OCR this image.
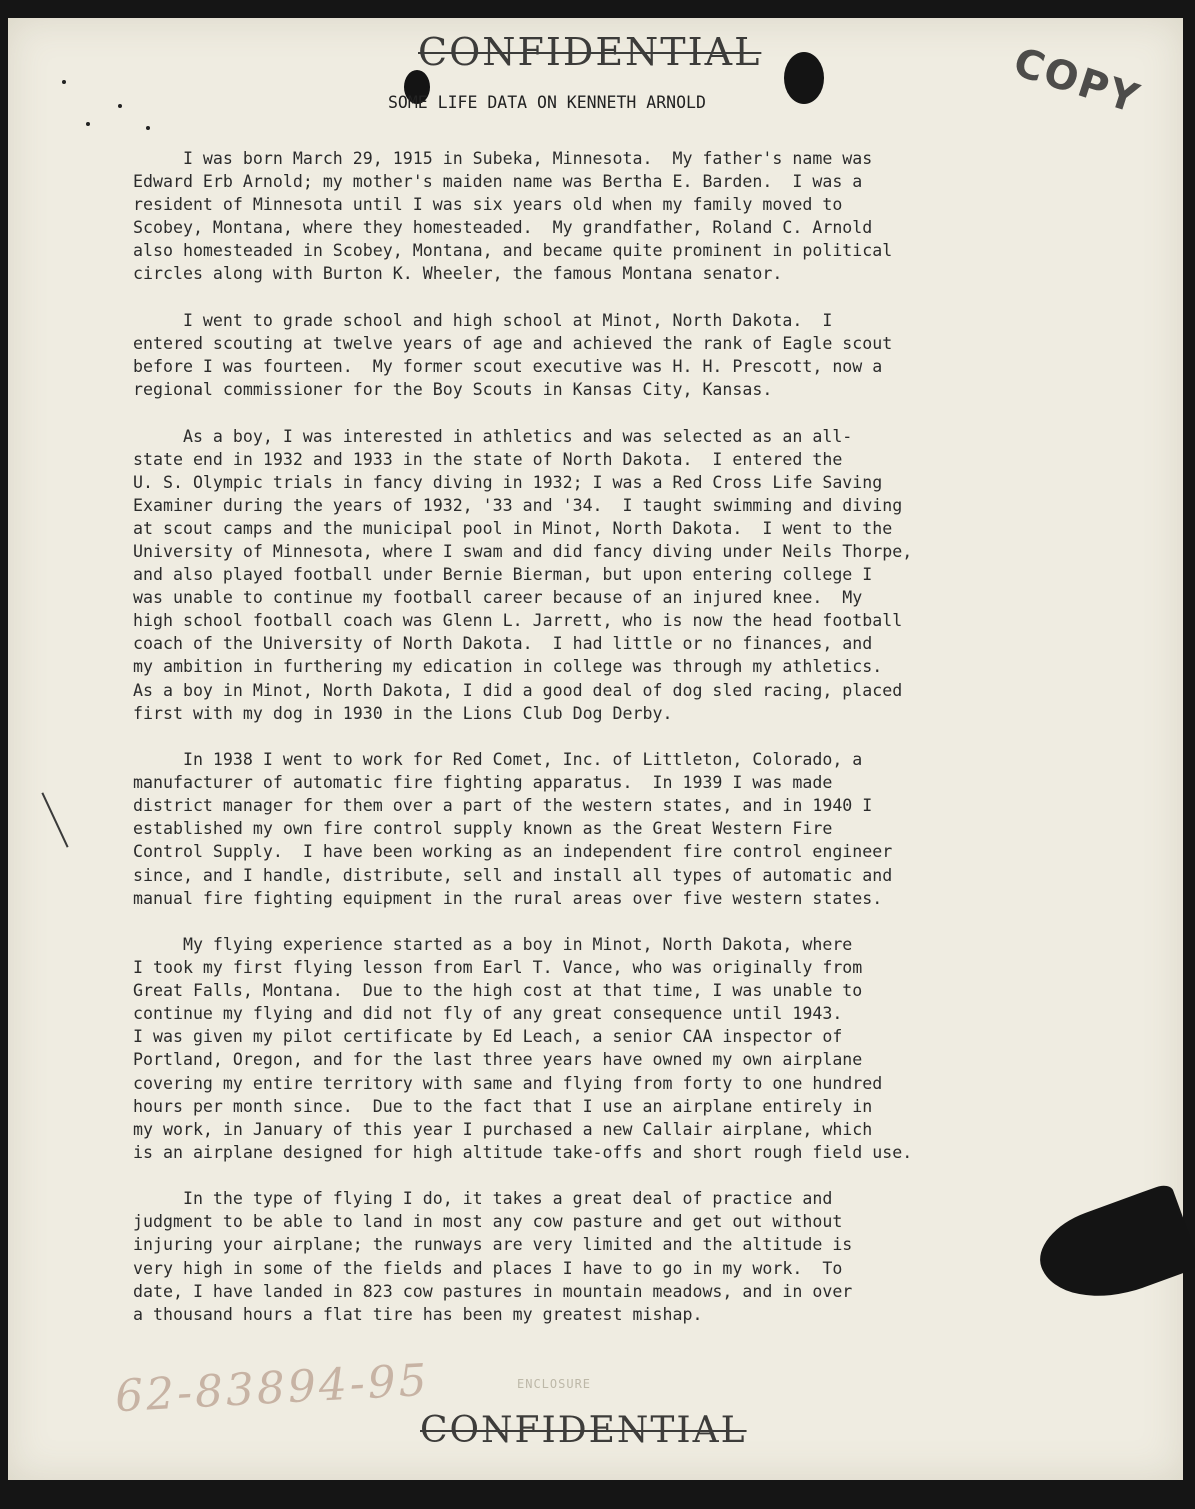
CONFIDENTIAL	COPY
SOME LIFE DATA ON KENNETH ARNOLD
I was born March 29, 1915 in Subeka, Minnesota.  My father's name was
Edward Erb Arnold; my mother's maiden name was Bertha E. Barden.  I was a
resident of Minnesota until I was six years old when my family moved to
Scobey, Montana, where they homesteaded.  My grandfather, Roland C. Arnold
also homesteaded in Scobey, Montana, and became quite prominent in political
circles along with Burton K. Wheeler, the famous Montana senator.
I went to grade school and high school at Minot, North Dakota.  I
entered scouting at twelve years of age and achieved the rank of Eagle scout
before I was fourteen.  My former scout executive was H. H. Prescott, now a
regional commissioner for the Boy Scouts in Kansas City, Kansas.
As a boy, I was interested in athletics and was selected as an all-
state end in 1932 and 1933 in the state of North Dakota.  I entered the
U. S. Olympic trials in fancy diving in 1932; I was a Red Cross Life Saving
Examiner during the years of 1932, '33 and '34.  I taught swimming and diving
at scout camps and the municipal pool in Minot, North Dakota.  I went to the
University of Minnesota, where I swam and did fancy diving under Neils Thorpe,
and also played football under Bernie Bierman, but upon entering college I
was unable to continue my football career because of an injured knee.  My
high school football coach was Glenn L. Jarrett, who is now the head football
coach of the University of North Dakota.  I had little or no finances, and
my ambition in furthering my edication in college was through my athletics.
As a boy in Minot, North Dakota, I did a good deal of dog sled racing, placed
first with my dog in 1930 in the Lions Club Dog Derby.
In 1938 I went to work for Red Comet, Inc. of Littleton, Colorado, a
manufacturer of automatic fire fighting apparatus.  In 1939 I was made
district manager for them over a part of the western states, and in 1940 I
established my own fire control supply known as the Great Western Fire
Control Supply.  I have been working as an independent fire control engineer
since, and I handle, distribute, sell and install all types of automatic and
manual fire fighting equipment in the rural areas over five western states.
My flying experience started as a boy in Minot, North Dakota, where
I took my first flying lesson from Earl T. Vance, who was originally from
Great Falls, Montana.  Due to the high cost at that time, I was unable to
continue my flying and did not fly of any great consequence until 1943.
I was given my pilot certificate by Ed Leach, a senior CAA inspector of
Portland, Oregon, and for the last three years have owned my own airplane
covering my entire territory with same and flying from forty to one hundred
hours per month since.  Due to the fact that I use an airplane entirely in
my work, in January of this year I purchased a new Callair airplane, which
is an airplane designed for high altitude take-offs and short rough field use.
In the type of flying I do, it takes a great deal of practice and
judgment to be able to land in most any cow pasture and get out without
injuring your airplane; the runways are very limited and the altitude is
very high in some of the fields and places I have to go in my work.  To
date, I have landed in 823 cow pastures in mountain meadows, and in over
a thousand hours a flat tire has been my greatest mishap.
62-83894-95	ENCLOSURE
CONFIDENTIAL
